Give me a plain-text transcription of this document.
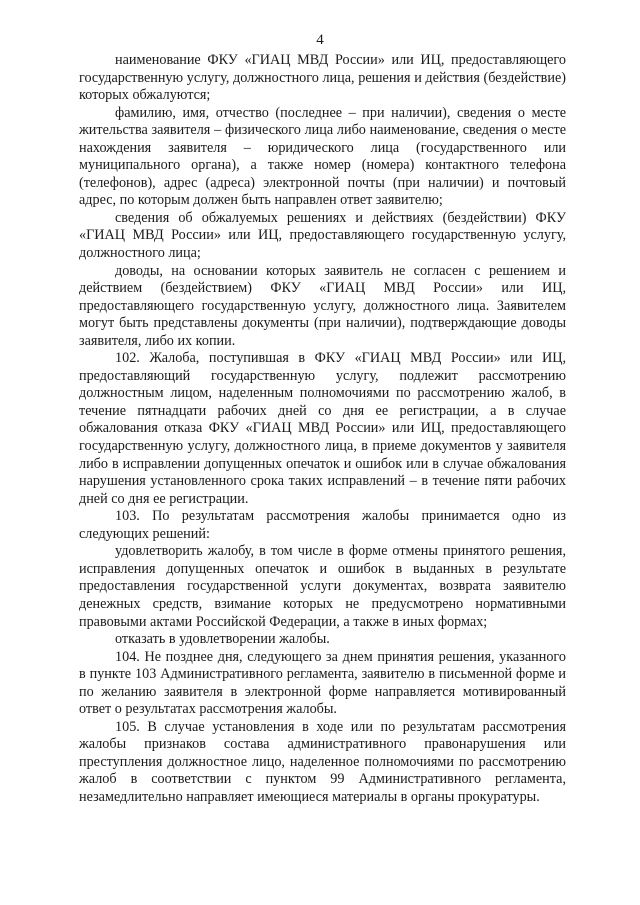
4

наименование ФКУ «ГИАЦ МВД России» или ИЦ, предоставляющего государственную услугу, должностного лица, решения и действия (бездействие) которых обжалуются;

фамилию, имя, отчество (последнее – при наличии), сведения о месте жительства заявителя – физического лица либо наименование, сведения о месте нахождения заявителя – юридического лица (государственного или муниципального органа), а также номер (номера) контактного телефона (телефонов), адрес (адреса) электронной почты (при наличии) и почтовый адрес, по которым должен быть направлен ответ заявителю;

сведения об обжалуемых решениях и действиях (бездействии) ФКУ «ГИАЦ МВД России» или ИЦ, предоставляющего государственную услугу, должностного лица;

доводы, на основании которых заявитель не согласен с решением и действием (бездействием) ФКУ «ГИАЦ МВД России» или ИЦ, предоставляющего государственную услугу, должностного лица. Заявителем могут быть представлены документы (при наличии), подтверждающие доводы заявителя, либо их копии.

102. Жалоба, поступившая в ФКУ «ГИАЦ МВД России» или ИЦ, предоставляющий государственную услугу, подлежит рассмотрению должностным лицом, наделенным полномочиями по рассмотрению жалоб, в течение пятнадцати рабочих дней со дня ее регистрации, а в случае обжалования отказа ФКУ «ГИАЦ МВД России» или ИЦ, предоставляющего государственную услугу, должностного лица, в приеме документов у заявителя либо в исправлении допущенных опечаток и ошибок или в случае обжалования нарушения установленного срока таких исправлений – в течение пяти рабочих дней со дня ее регистрации.

103. По результатам рассмотрения жалобы принимается одно из следующих решений:

удовлетворить жалобу, в том числе в форме отмены принятого решения, исправления допущенных опечаток и ошибок в выданных в результате предоставления государственной услуги документах, возврата заявителю денежных средств, взимание которых не предусмотрено нормативными правовыми актами Российской Федерации, а также в иных формах;

отказать в удовлетворении жалобы.

104. Не позднее дня, следующего за днем принятия решения, указанного в пункте 103 Административного регламента, заявителю в письменной форме и по желанию заявителя в электронной форме направляется мотивированный ответ о результатах рассмотрения жалобы.

105. В случае установления в ходе или по результатам рассмотрения жалобы признаков состава административного правонарушения или преступления должностное лицо, наделенное полномочиями по рассмотрению жалоб в соответствии с пунктом 99 Административного регламента, незамедлительно направляет имеющиеся материалы в органы прокуратуры.
